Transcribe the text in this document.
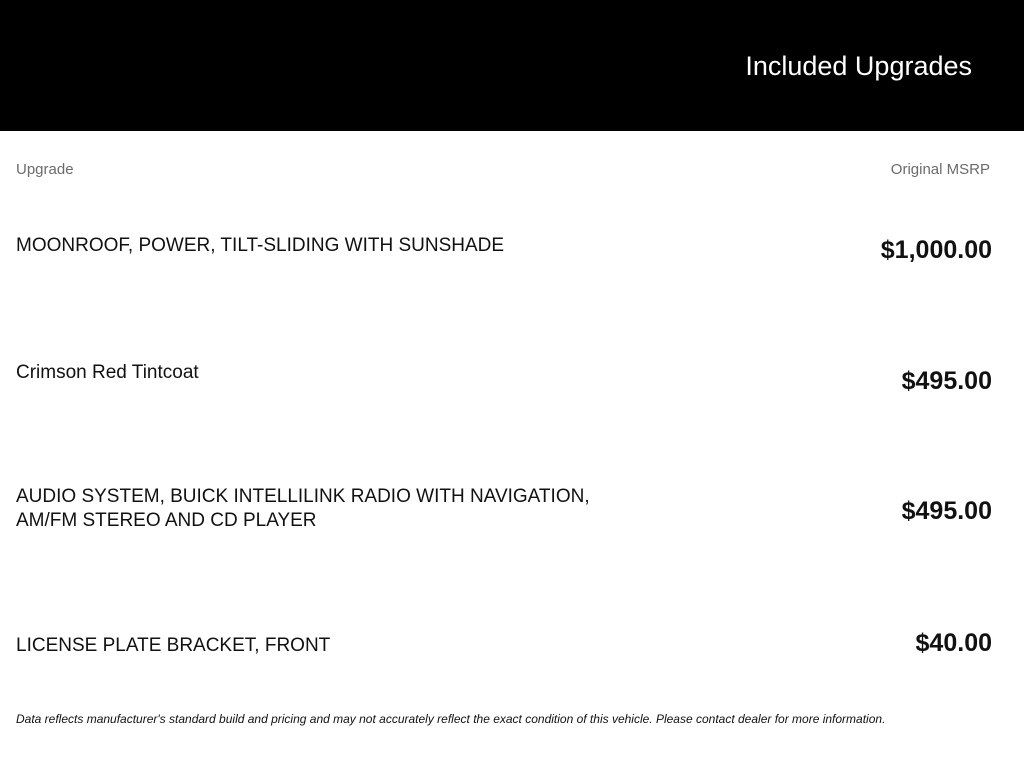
Included Upgrades
Upgrade	Original MSRP
MOONROOF, POWER, TILT-SLIDING WITH SUNSHADE	$1,000.00
Crimson Red Tintcoat	$495.00
AUDIO SYSTEM, BUICK INTELLILINK RADIO WITH NAVIGATION, AM/FM STEREO AND CD PLAYER	$495.00
LICENSE PLATE BRACKET, FRONT	$40.00
Data reflects manufacturer's standard build and pricing and may not accurately reflect the exact condition of this vehicle. Please contact dealer for more information.
